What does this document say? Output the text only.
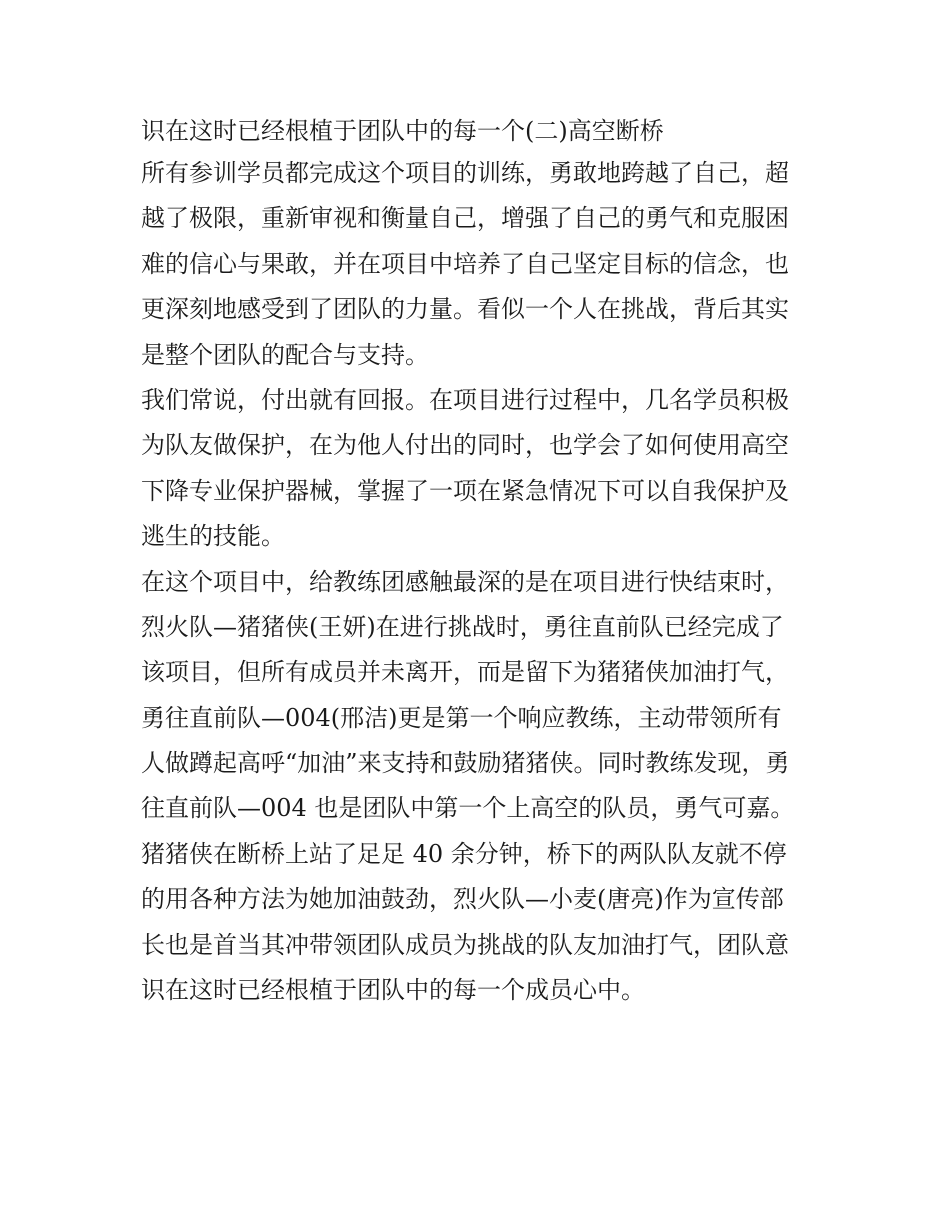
识在这时已经根植于团队中的每一个(二)高空断桥
所有参训学员都完成这个项目的训练，勇敢地跨越了自己，超
越了极限，重新审视和衡量自己，增强了自己的勇气和克服困
难的信心与果敢，并在项目中培养了自己坚定目标的信念，也
更深刻地感受到了团队的力量。看似一个人在挑战，背后其实
是整个团队的配合与支持。
我们常说，付出就有回报。在项目进行过程中，几名学员积极
为队友做保护，在为他人付出的同时，也学会了如何使用高空
下降专业保护器械，掌握了一项在紧急情况下可以自我保护及
逃生的技能。
在这个项目中，给教练团感触最深的是在项目进行快结束时，
烈火队—猪猪侠(王妍)在进行挑战时，勇往直前队已经完成了
该项目，但所有成员并未离开，而是留下为猪猪侠加油打气，
勇往直前队—004(邢洁)更是第一个响应教练，主动带领所有
人做蹲起高呼“加油”来支持和鼓励猪猪侠。同时教练发现，勇
往直前队—004 也是团队中第一个上高空的队员，勇气可嘉。
猪猪侠在断桥上站了足足 40 余分钟，桥下的两队队友就不停
的用各种方法为她加油鼓劲，烈火队—小麦(唐亮)作为宣传部
长也是首当其冲带领团队成员为挑战的队友加油打气，团队意
识在这时已经根植于团队中的每一个成员心中。
